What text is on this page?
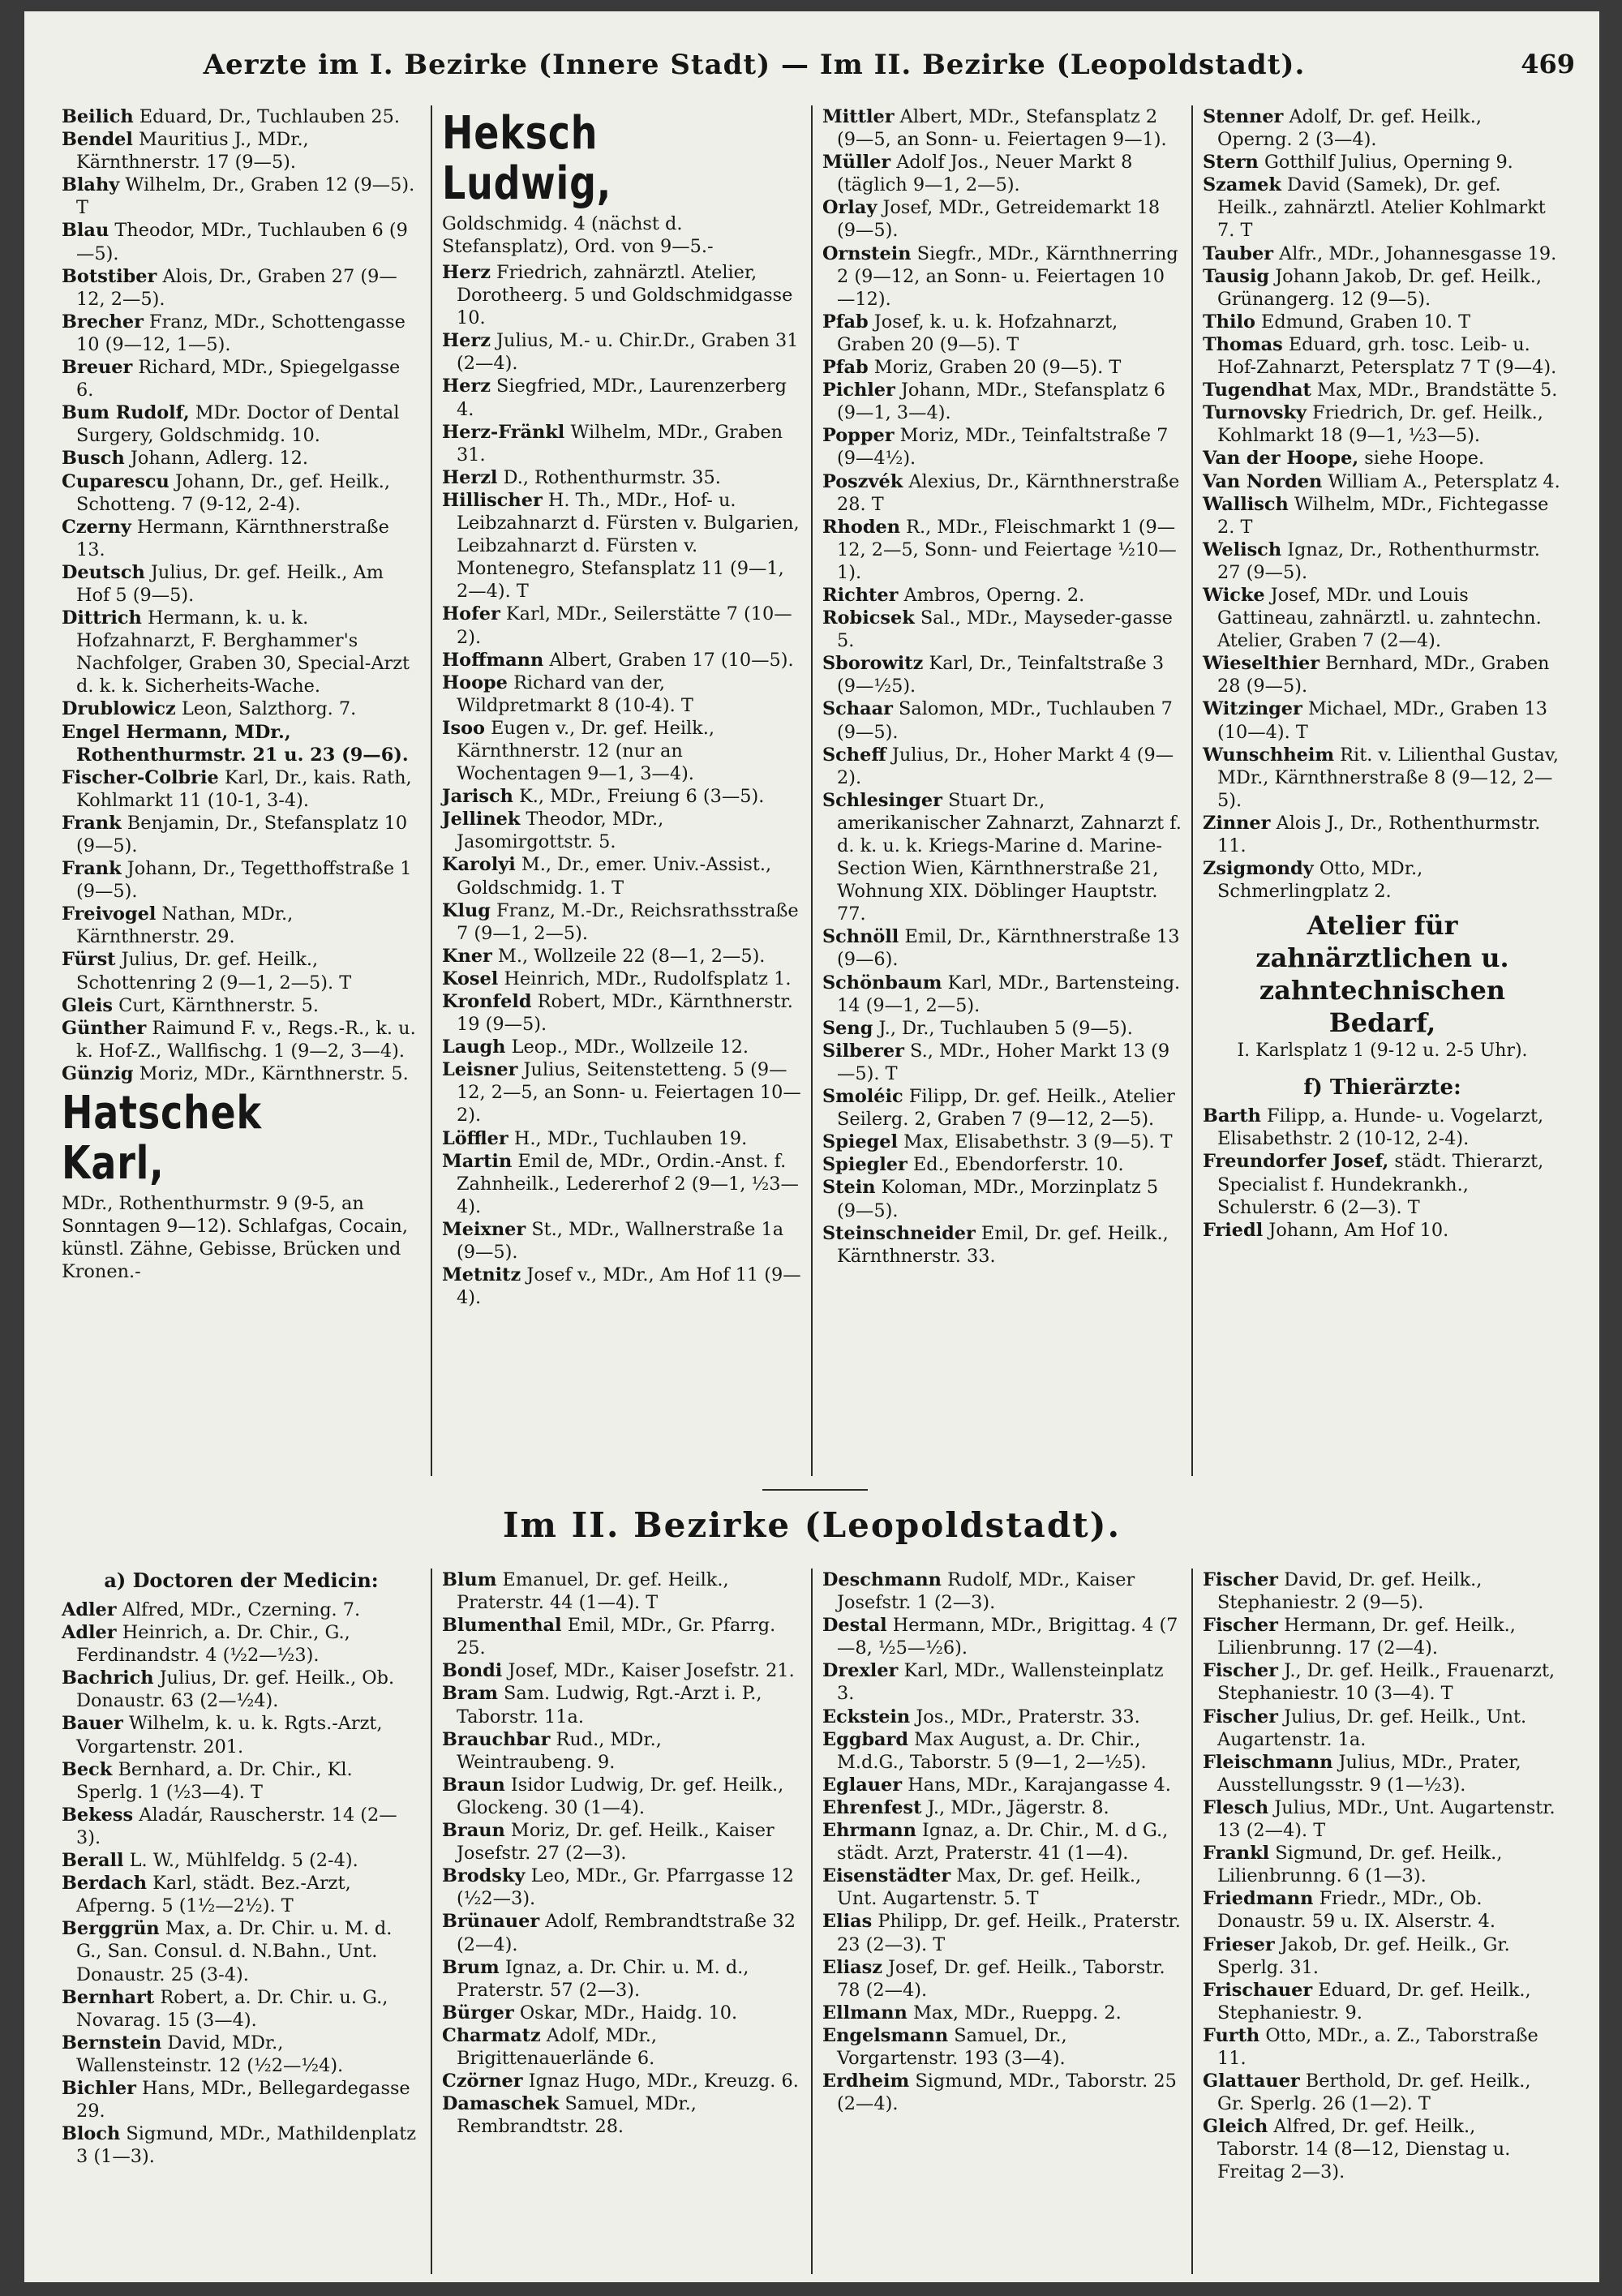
Aerzte im I. Bezirke (Innere Stadt) — Im II. Bezirke (Leopoldstadt).	469
Beilich Eduard, Dr., Tuchlauben 25.
Bendel Mauritius J., MDr., Kärnthnerstr. 17 (9—5).
Blahy Wilhelm, Dr., Graben 12 (9—5). T
Blau Theodor, MDr., Tuchlauben 6 (9—5).
Botstiber Alois, Dr., Graben 27 (9—12, 2—5).
Brecher Franz, MDr., Schottengasse 10 (9—12, 1—5).
Breuer Richard, MDr., Spiegelgasse 6.
Bum Rudolf, MDr. Doctor of Dental Surgery, Goldschmidg. 10.
Busch Johann, Adlerg. 12.
Cuparescu Johann, Dr., gef. Heilk., Schotteng. 7 (9-12, 2-4).
Czerny Hermann, Kärnthnerstraße 13.
Deutsch Julius, Dr. gef. Heilk., Am Hof 5 (9—5).
Dittrich Hermann, k. u. k. Hofzahnarzt, F. Berghammer's Nachfolger, Graben 30, Special-Arzt d. k. k. Sicherheits-Wache.
Drublowicz Leon, Salzthorg. 7.
Engel Hermann, MDr., Rothenthurmstr. 21 u. 23 (9—6).
Fischer-Colbrie Karl, Dr., kais. Rath, Kohlmarkt 11 (10-1, 3-4).
Frank Benjamin, Dr., Stefansplatz 10 (9—5).
Frank Johann, Dr., Tegetthoffstraße 1 (9—5).
Freivogel Nathan, MDr., Kärnthnerstr. 29.
Fürst Julius, Dr. gef. Heilk., Schottenring 2 (9—1, 2—5). T
Gleis Curt, Kärnthnerstr. 5.
Günther Raimund F. v., Regs.-R., k. u. k. Hof-Z., Wallfischg. 1 (9—2, 3—4).
Günzig Moriz, MDr., Kärnthnerstr. 5.
Hatschek Karl,
MDr., Rothenthurmstr. 9 (9-5, an Sonntagen 9—12). Schlafgas, Cocain, künstl. Zähne, Gebisse, Brücken und Kronen.-
Heksch Ludwig,
Goldschmidg. 4 (nächst d. Stefansplatz), Ord. von 9—5.-
Herz Friedrich, zahnärztl. Atelier, Dorotheerg. 5 und Goldschmidgasse 10.
Herz Julius, M.- u. Chir.Dr., Graben 31 (2—4).
Herz Siegfried, MDr., Laurenzerberg 4.
Herz-Fränkl Wilhelm, MDr., Graben 31.
Herzl D., Rothenthurmstr. 35.
Hillischer H. Th., MDr., Hof- u. Leibzahnarzt d. Fürsten v. Bulgarien, Leibzahnarzt d. Fürsten v. Montenegro, Stefansplatz 11 (9—1, 2—4). T
Hofer Karl, MDr., Seilerstätte 7 (10—2).
Hoffmann Albert, Graben 17 (10—5).
Hoope Richard van der, Wildpretmarkt 8 (10-4). T
Isoo Eugen v., Dr. gef. Heilk., Kärnthnerstr. 12 (nur an Wochentagen 9—1, 3—4).
Jarisch K., MDr., Freiung 6 (3—5).
Jellinek Theodor, MDr., Jasomirgottstr. 5.
Karolyi M., Dr., emer. Univ.-Assist., Goldschmidg. 1. T
Klug Franz, M.-Dr., Reichsrathsstraße 7 (9—1, 2—5).
Kner M., Wollzeile 22 (8—1, 2—5).
Kosel Heinrich, MDr., Rudolfsplatz 1.
Kronfeld Robert, MDr., Kärnthnerstr. 19 (9—5).
Laugh Leop., MDr., Wollzeile 12.
Leisner Julius, Seitenstetteng. 5 (9—12, 2—5, an Sonn- u. Feiertagen 10—2).
Löffler H., MDr., Tuchlauben 19.
Martin Emil de, MDr., Ordin.-Anst. f. Zahnheilk., Ledererhof 2 (9—1, ½3—4).
Meixner St., MDr., Wallnerstraße 1a (9—5).
Metnitz Josef v., MDr., Am Hof 11 (9—4).
Mittler Albert, MDr., Stefansplatz 2 (9—5, an Sonn- u. Feiertagen 9—1).
Müller Adolf Jos., Neuer Markt 8 (täglich 9—1, 2—5).
Orlay Josef, MDr., Getreidemarkt 18 (9—5).
Ornstein Siegfr., MDr., Kärnthnerring 2 (9—12, an Sonn- u. Feiertagen 10—12).
Pfab Josef, k. u. k. Hofzahnarzt, Graben 20 (9—5). T
Pfab Moriz, Graben 20 (9—5). T
Pichler Johann, MDr., Stefansplatz 6 (9—1, 3—4).
Popper Moriz, MDr., Teinfaltstraße 7 (9—4½).
Poszvék Alexius, Dr., Kärnthnerstraße 28. T
Rhoden R., MDr., Fleischmarkt 1 (9—12, 2—5, Sonn- und Feiertage ½10—1).
Richter Ambros, Operng. 2.
Robicsek Sal., MDr., Mayseder-gasse 5.
Sborowitz Karl, Dr., Teinfaltstraße 3 (9—½5).
Schaar Salomon, MDr., Tuchlauben 7 (9—5).
Scheff Julius, Dr., Hoher Markt 4 (9—2).
Schlesinger Stuart Dr., amerikanischer Zahnarzt, Zahnarzt f. d. k. u. k. Kriegs-Marine d. Marine-Section Wien, Kärnthnerstraße 21, Wohnung XIX. Döblinger Hauptstr. 77.
Schnöll Emil, Dr., Kärnthnerstraße 13 (9—6).
Schönbaum Karl, MDr., Bartensteing. 14 (9—1, 2—5).
Seng J., Dr., Tuchlauben 5 (9—5).
Silberer S., MDr., Hoher Markt 13 (9—5). T
Smoléic Filipp, Dr. gef. Heilk., Atelier Seilerg. 2, Graben 7 (9—12, 2—5).
Spiegel Max, Elisabethstr. 3 (9—5). T
Spiegler Ed., Ebendorferstr. 10.
Stein Koloman, MDr., Morzinplatz 5 (9—5).
Steinschneider Emil, Dr. gef. Heilk., Kärnthnerstr. 33.
Stenner Adolf, Dr. gef. Heilk., Operng. 2 (3—4).
Stern Gotthilf Julius, Operning 9.
Szamek David (Samek), Dr. gef. Heilk., zahnärztl. Atelier Kohlmarkt 7. T
Tauber Alfr., MDr., Johannesgasse 19.
Tausig Johann Jakob, Dr. gef. Heilk., Grünangerg. 12 (9—5).
Thilo Edmund, Graben 10. T
Thomas Eduard, grh. tosc. Leib- u. Hof-Zahnarzt, Petersplatz 7 T (9—4).
Tugendhat Max, MDr., Brandstätte 5.
Turnovsky Friedrich, Dr. gef. Heilk., Kohlmarkt 18 (9—1, ½3—5).
Van der Hoope, siehe Hoope.
Van Norden William A., Petersplatz 4.
Wallisch Wilhelm, MDr., Fichtegasse 2. T
Welisch Ignaz, Dr., Rothenthurmstr. 27 (9—5).
Wicke Josef, MDr. und Louis Gattineau, zahnärztl. u. zahntechn. Atelier, Graben 7 (2—4).
Wieselthier Bernhard, MDr., Graben 28 (9—5).
Witzinger Michael, MDr., Graben 13 (10—4). T
Wunschheim Rit. v. Lilienthal Gustav, MDr., Kärnthnerstraße 8 (9—12, 2—5).
Zinner Alois J., Dr., Rothenthurmstr. 11.
Zsigmondy Otto, MDr., Schmerlingplatz 2.
Atelier für zahnärztlichen u. zahntechnischen Bedarf,
I. Karlsplatz 1 (9-12 u. 2-5 Uhr).
f) Thierärzte:
Barth Filipp, a. Hunde- u. Vogelarzt, Elisabethstr. 2 (10-12, 2-4).
Freundorfer Josef, städt. Thierarzt, Specialist f. Hundekrankh., Schulerstr. 6 (2—3). T
Friedl Johann, Am Hof 10.
Im II. Bezirke (Leopoldstadt).
a) Doctoren der Medicin:
Adler Alfred, MDr., Czerning. 7.
Adler Heinrich, a. Dr. Chir., G., Ferdinandstr. 4 (½2—½3).
Bachrich Julius, Dr. gef. Heilk., Ob. Donaustr. 63 (2—½4).
Bauer Wilhelm, k. u. k. Rgts.-Arzt, Vorgartenstr. 201.
Beck Bernhard, a. Dr. Chir., Kl. Sperlg. 1 (½3—4). T
Bekess Aladár, Rauscherstr. 14 (2—3).
Berall L. W., Mühlfeldg. 5 (2-4).
Berdach Karl, städt. Bez.-Arzt, Afperng. 5 (1½—2½). T
Berggrün Max, a. Dr. Chir. u. M. d. G., San. Consul. d. N.Bahn., Unt. Donaustr. 25 (3-4).
Bernhart Robert, a. Dr. Chir. u. G., Novarag. 15 (3—4).
Bernstein David, MDr., Wallensteinstr. 12 (½2—½4).
Bichler Hans, MDr., Bellegardegasse 29.
Bloch Sigmund, MDr., Mathildenplatz 3 (1—3).
Blum Emanuel, Dr. gef. Heilk., Praterstr. 44 (1—4). T
Blumenthal Emil, MDr., Gr. Pfarrg. 25.
Bondi Josef, MDr., Kaiser Josefstr. 21.
Bram Sam. Ludwig, Rgt.-Arzt i. P., Taborstr. 11a.
Brauchbar Rud., MDr., Weintraubeng. 9.
Braun Isidor Ludwig, Dr. gef. Heilk., Glockeng. 30 (1—4).
Braun Moriz, Dr. gef. Heilk., Kaiser Josefstr. 27 (2—3).
Brodsky Leo, MDr., Gr. Pfarrgasse 12 (½2—3).
Brünauer Adolf, Rembrandtstraße 32 (2—4).
Brum Ignaz, a. Dr. Chir. u. M. d., Praterstr. 57 (2—3).
Bürger Oskar, MDr., Haidg. 10.
Charmatz Adolf, MDr., Brigittenauerlände 6.
Czörner Ignaz Hugo, MDr., Kreuzg. 6.
Damaschek Samuel, MDr., Rembrandtstr. 28.
Deschmann Rudolf, MDr., Kaiser Josefstr. 1 (2—3).
Destal Hermann, MDr., Brigittag. 4 (7—8, ½5—½6).
Drexler Karl, MDr., Wallensteinplatz 3.
Eckstein Jos., MDr., Praterstr. 33.
Eggbard Max August, a. Dr. Chir., M.d.G., Taborstr. 5 (9—1, 2—½5).
Eglauer Hans, MDr., Karajangasse 4.
Ehrenfest J., MDr., Jägerstr. 8.
Ehrmann Ignaz, a. Dr. Chir., M. d G., städt. Arzt, Praterstr. 41 (1—4).
Eisenstädter Max, Dr. gef. Heilk., Unt. Augartenstr. 5. T
Elias Philipp, Dr. gef. Heilk., Praterstr. 23 (2—3). T
Eliasz Josef, Dr. gef. Heilk., Taborstr. 78 (2—4).
Ellmann Max, MDr., Rueppg. 2.
Engelsmann Samuel, Dr., Vorgartenstr. 193 (3—4).
Erdheim Sigmund, MDr., Taborstr. 25 (2—4).
Fischer David, Dr. gef. Heilk., Stephaniestr. 2 (9—5).
Fischer Hermann, Dr. gef. Heilk., Lilienbrunng. 17 (2—4).
Fischer J., Dr. gef. Heilk., Frauenarzt, Stephaniestr. 10 (3—4). T
Fischer Julius, Dr. gef. Heilk., Unt. Augartenstr. 1a.
Fleischmann Julius, MDr., Prater, Ausstellungsstr. 9 (1—½3).
Flesch Julius, MDr., Unt. Augartenstr. 13 (2—4). T
Frankl Sigmund, Dr. gef. Heilk., Lilienbrunng. 6 (1—3).
Friedmann Friedr., MDr., Ob. Donaustr. 59 u. IX. Alserstr. 4.
Frieser Jakob, Dr. gef. Heilk., Gr. Sperlg. 31.
Frischauer Eduard, Dr. gef. Heilk., Stephaniestr. 9.
Furth Otto, MDr., a. Z., Taborstraße 11.
Glattauer Berthold, Dr. gef. Heilk., Gr. Sperlg. 26 (1—2). T
Gleich Alfred, Dr. gef. Heilk., Taborstr. 14 (8—12, Dienstag u. Freitag 2—3).
